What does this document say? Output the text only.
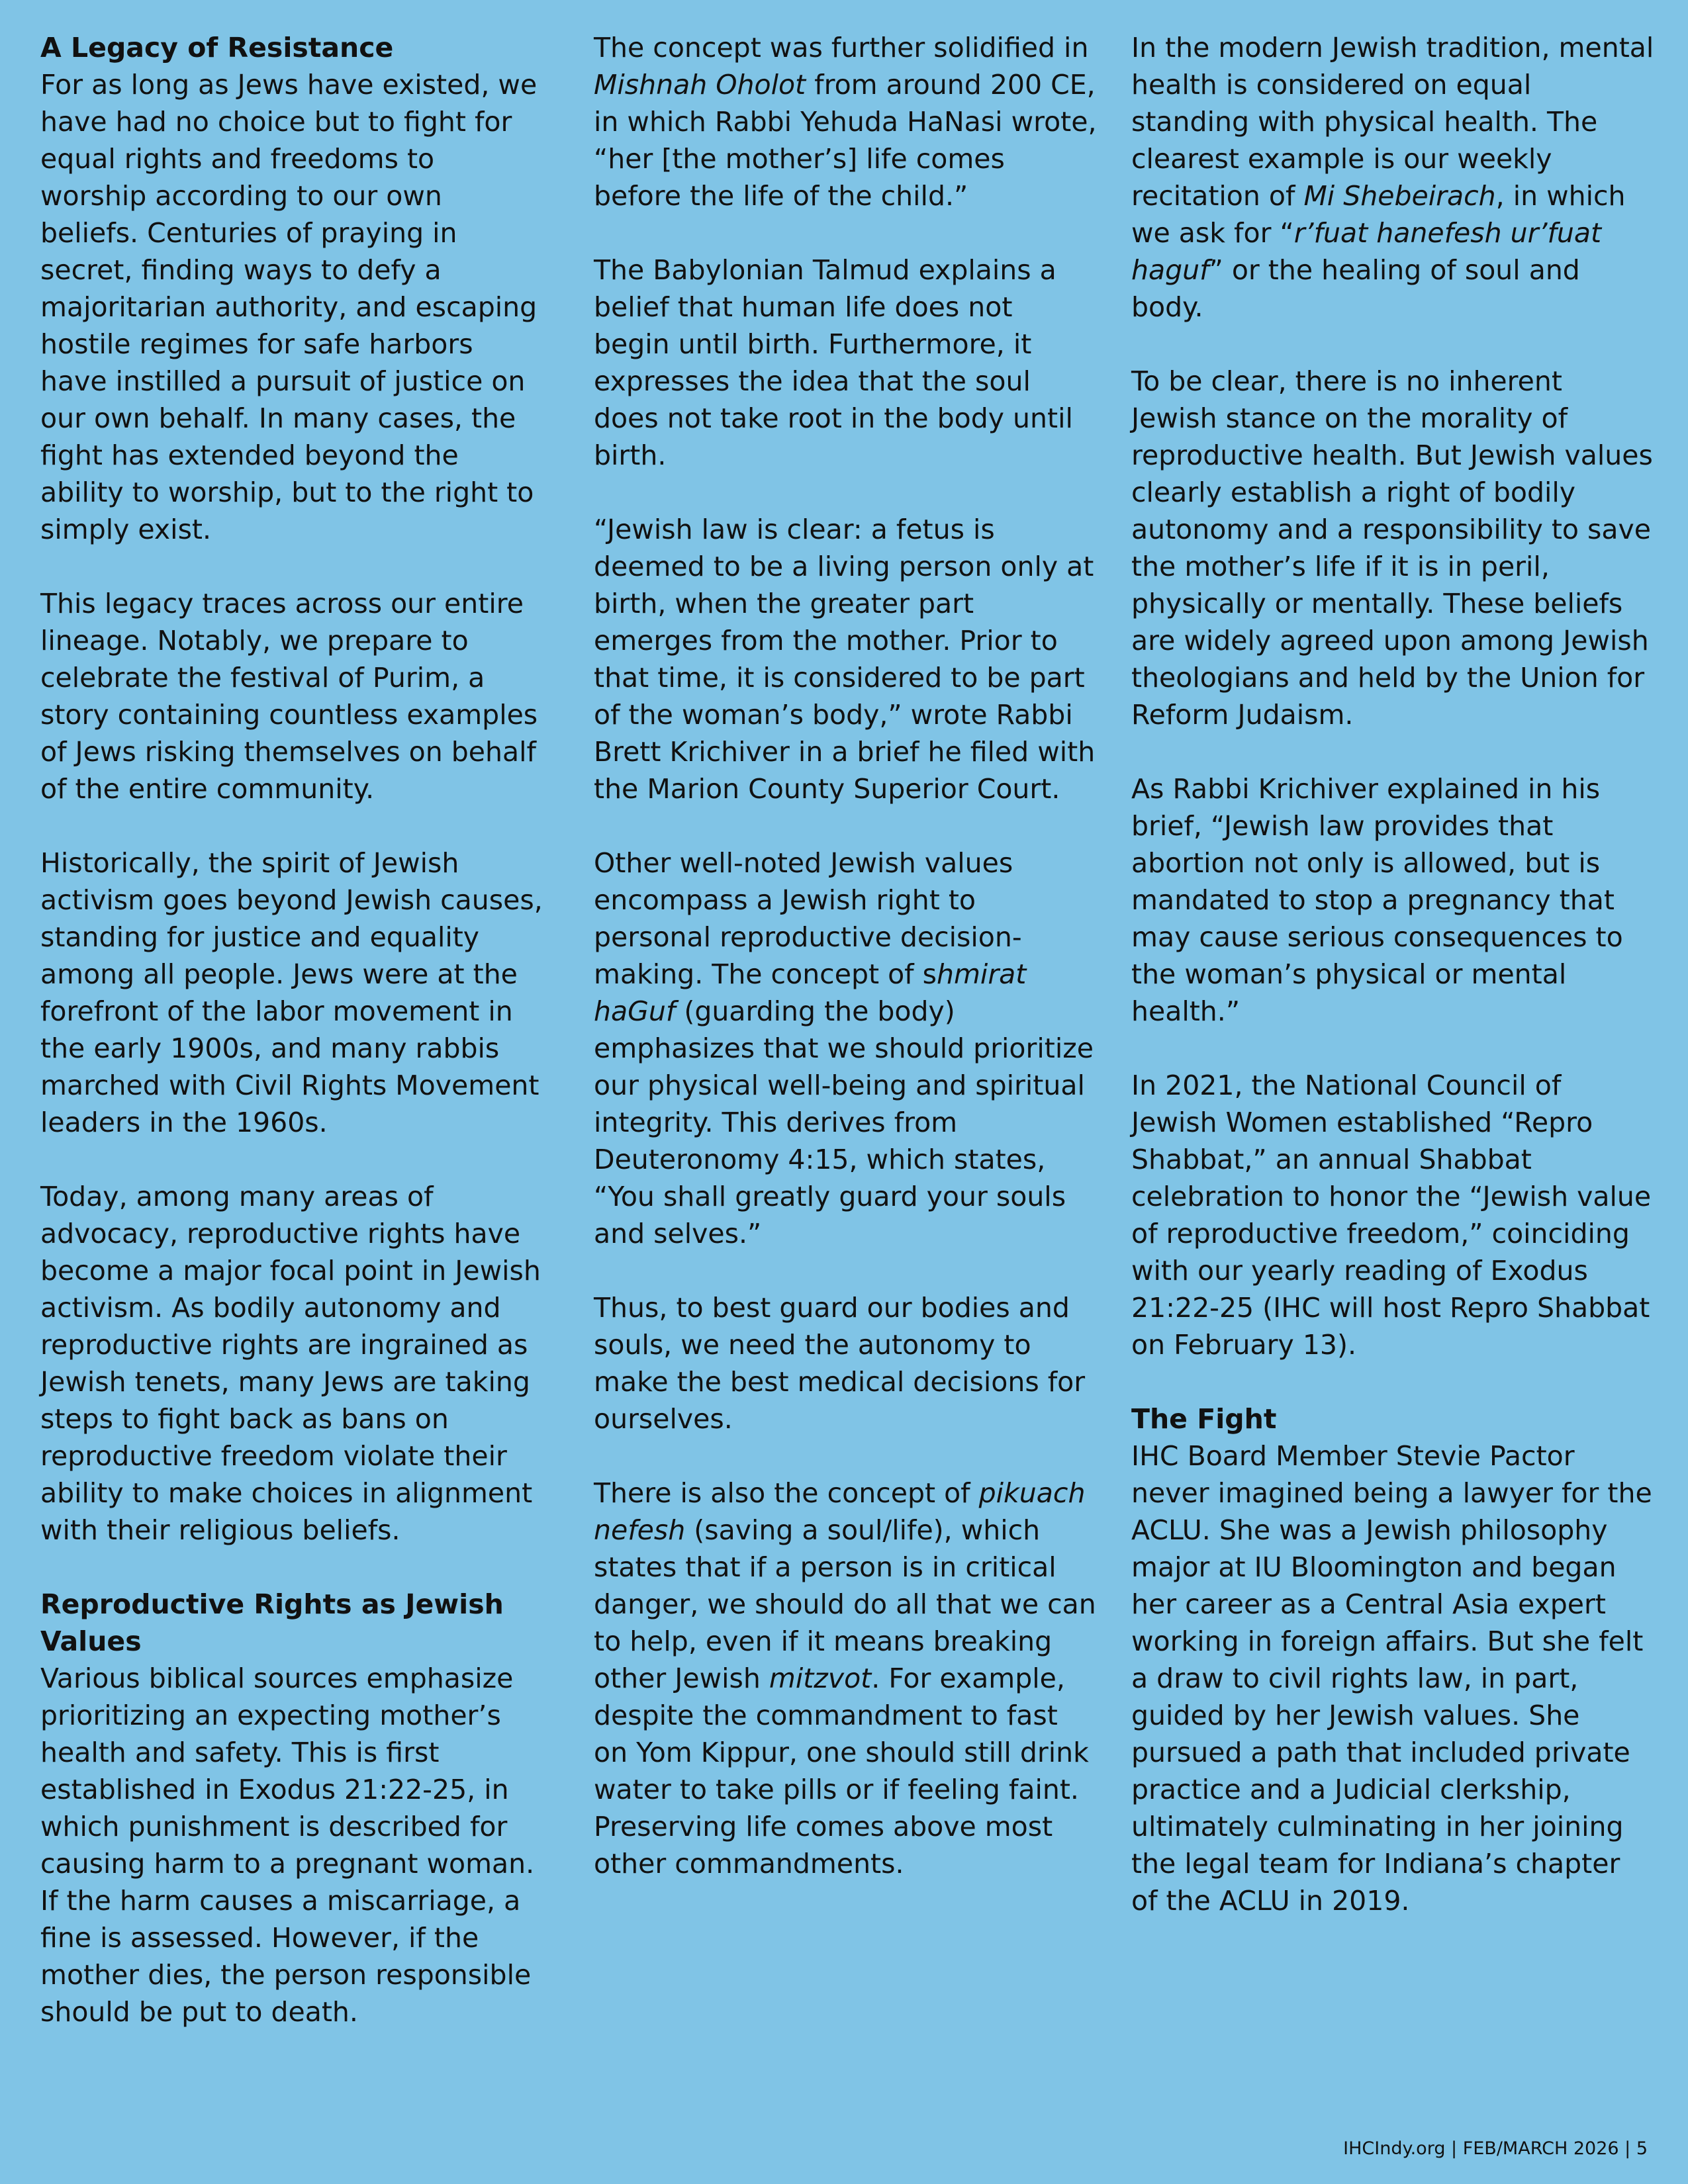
A Legacy of Resistance
For as long as Jews have existed, we have had no choice but to fight for equal rights and freedoms to worship according to our own beliefs. Centuries of praying in secret, finding ways to defy a majoritarian authority, and escaping hostile regimes for safe harbors have instilled a pursuit of justice on our own behalf. In many cases, the fight has extended beyond the ability to worship, but to the right to simply exist.
This legacy traces across our entire lineage. Notably, we prepare to celebrate the festival of Purim, a story containing countless examples of Jews risking themselves on behalf of the entire community.
Historically, the spirit of Jewish activism goes beyond Jewish causes, standing for justice and equality among all people. Jews were at the forefront of the labor movement in the early 1900s, and many rabbis marched with Civil Rights Movement leaders in the 1960s.
Today, among many areas of advocacy, reproductive rights have become a major focal point in Jewish activism. As bodily autonomy and reproductive rights are ingrained as Jewish tenets, many Jews are taking steps to fight back as bans on reproductive freedom violate their ability to make choices in alignment with their religious beliefs.
Reproductive Rights as Jewish Values
Various biblical sources emphasize prioritizing an expecting mother’s health and safety. This is first established in Exodus 21:22-25, in which punishment is described for causing harm to a pregnant woman. If the harm causes a miscarriage, a fine is assessed. However, if the mother dies, the person responsible should be put to death.
The concept was further solidified in Mishnah Oholot from around 200 CE, in which Rabbi Yehuda HaNasi wrote, “her [the mother’s] life comes before the life of the child.”
The Babylonian Talmud explains a belief that human life does not begin until birth. Furthermore, it expresses the idea that the soul does not take root in the body until birth.
“Jewish law is clear: a fetus is deemed to be a living person only at birth, when the greater part emerges from the mother. Prior to that time, it is considered to be part of the woman’s body,” wrote Rabbi Brett Krichiver in a brief he filed with the Marion County Superior Court.
Other well-noted Jewish values encompass a Jewish right to personal reproductive decision-making. The concept of shmirat haGuf (guarding the body) emphasizes that we should prioritize our physical well-being and spiritual integrity. This derives from Deuteronomy 4:15, which states, “You shall greatly guard your souls and selves.”
Thus, to best guard our bodies and souls, we need the autonomy to make the best medical decisions for ourselves.
There is also the concept of pikuach nefesh (saving a soul/life), which states that if a person is in critical danger, we should do all that we can to help, even if it means breaking other Jewish mitzvot. For example, despite the commandment to fast on Yom Kippur, one should still drink water to take pills or if feeling faint. Preserving life comes above most other commandments.
In the modern Jewish tradition, mental health is considered on equal standing with physical health. The clearest example is our weekly recitation of Mi Shebeirach, in which we ask for “r’fuat hanefesh ur’fuat haguf” or the healing of soul and body.
To be clear, there is no inherent Jewish stance on the morality of reproductive health. But Jewish values clearly establish a right of bodily autonomy and a responsibility to save the mother’s life if it is in peril, physically or mentally. These beliefs are widely agreed upon among Jewish theologians and held by the Union for Reform Judaism.
As Rabbi Krichiver explained in his brief, “Jewish law provides that abortion not only is allowed, but is mandated to stop a pregnancy that may cause serious consequences to the woman’s physical or mental health.”
In 2021, the National Council of Jewish Women established “Repro Shabbat,” an annual Shabbat celebration to honor the “Jewish value of reproductive freedom,” coinciding with our yearly reading of Exodus 21:22-25 (IHC will host Repro Shabbat on February 13).
The Fight
IHC Board Member Stevie Pactor never imagined being a lawyer for the ACLU. She was a Jewish philosophy major at IU Bloomington and began her career as a Central Asia expert working in foreign affairs. But she felt a draw to civil rights law, in part, guided by her Jewish values. She pursued a path that included private practice and a Judicial clerkship, ultimately culminating in her joining the legal team for Indiana’s chapter of the ACLU in 2019.
IHCIndy.org | FEB/MARCH 2026 | 5
